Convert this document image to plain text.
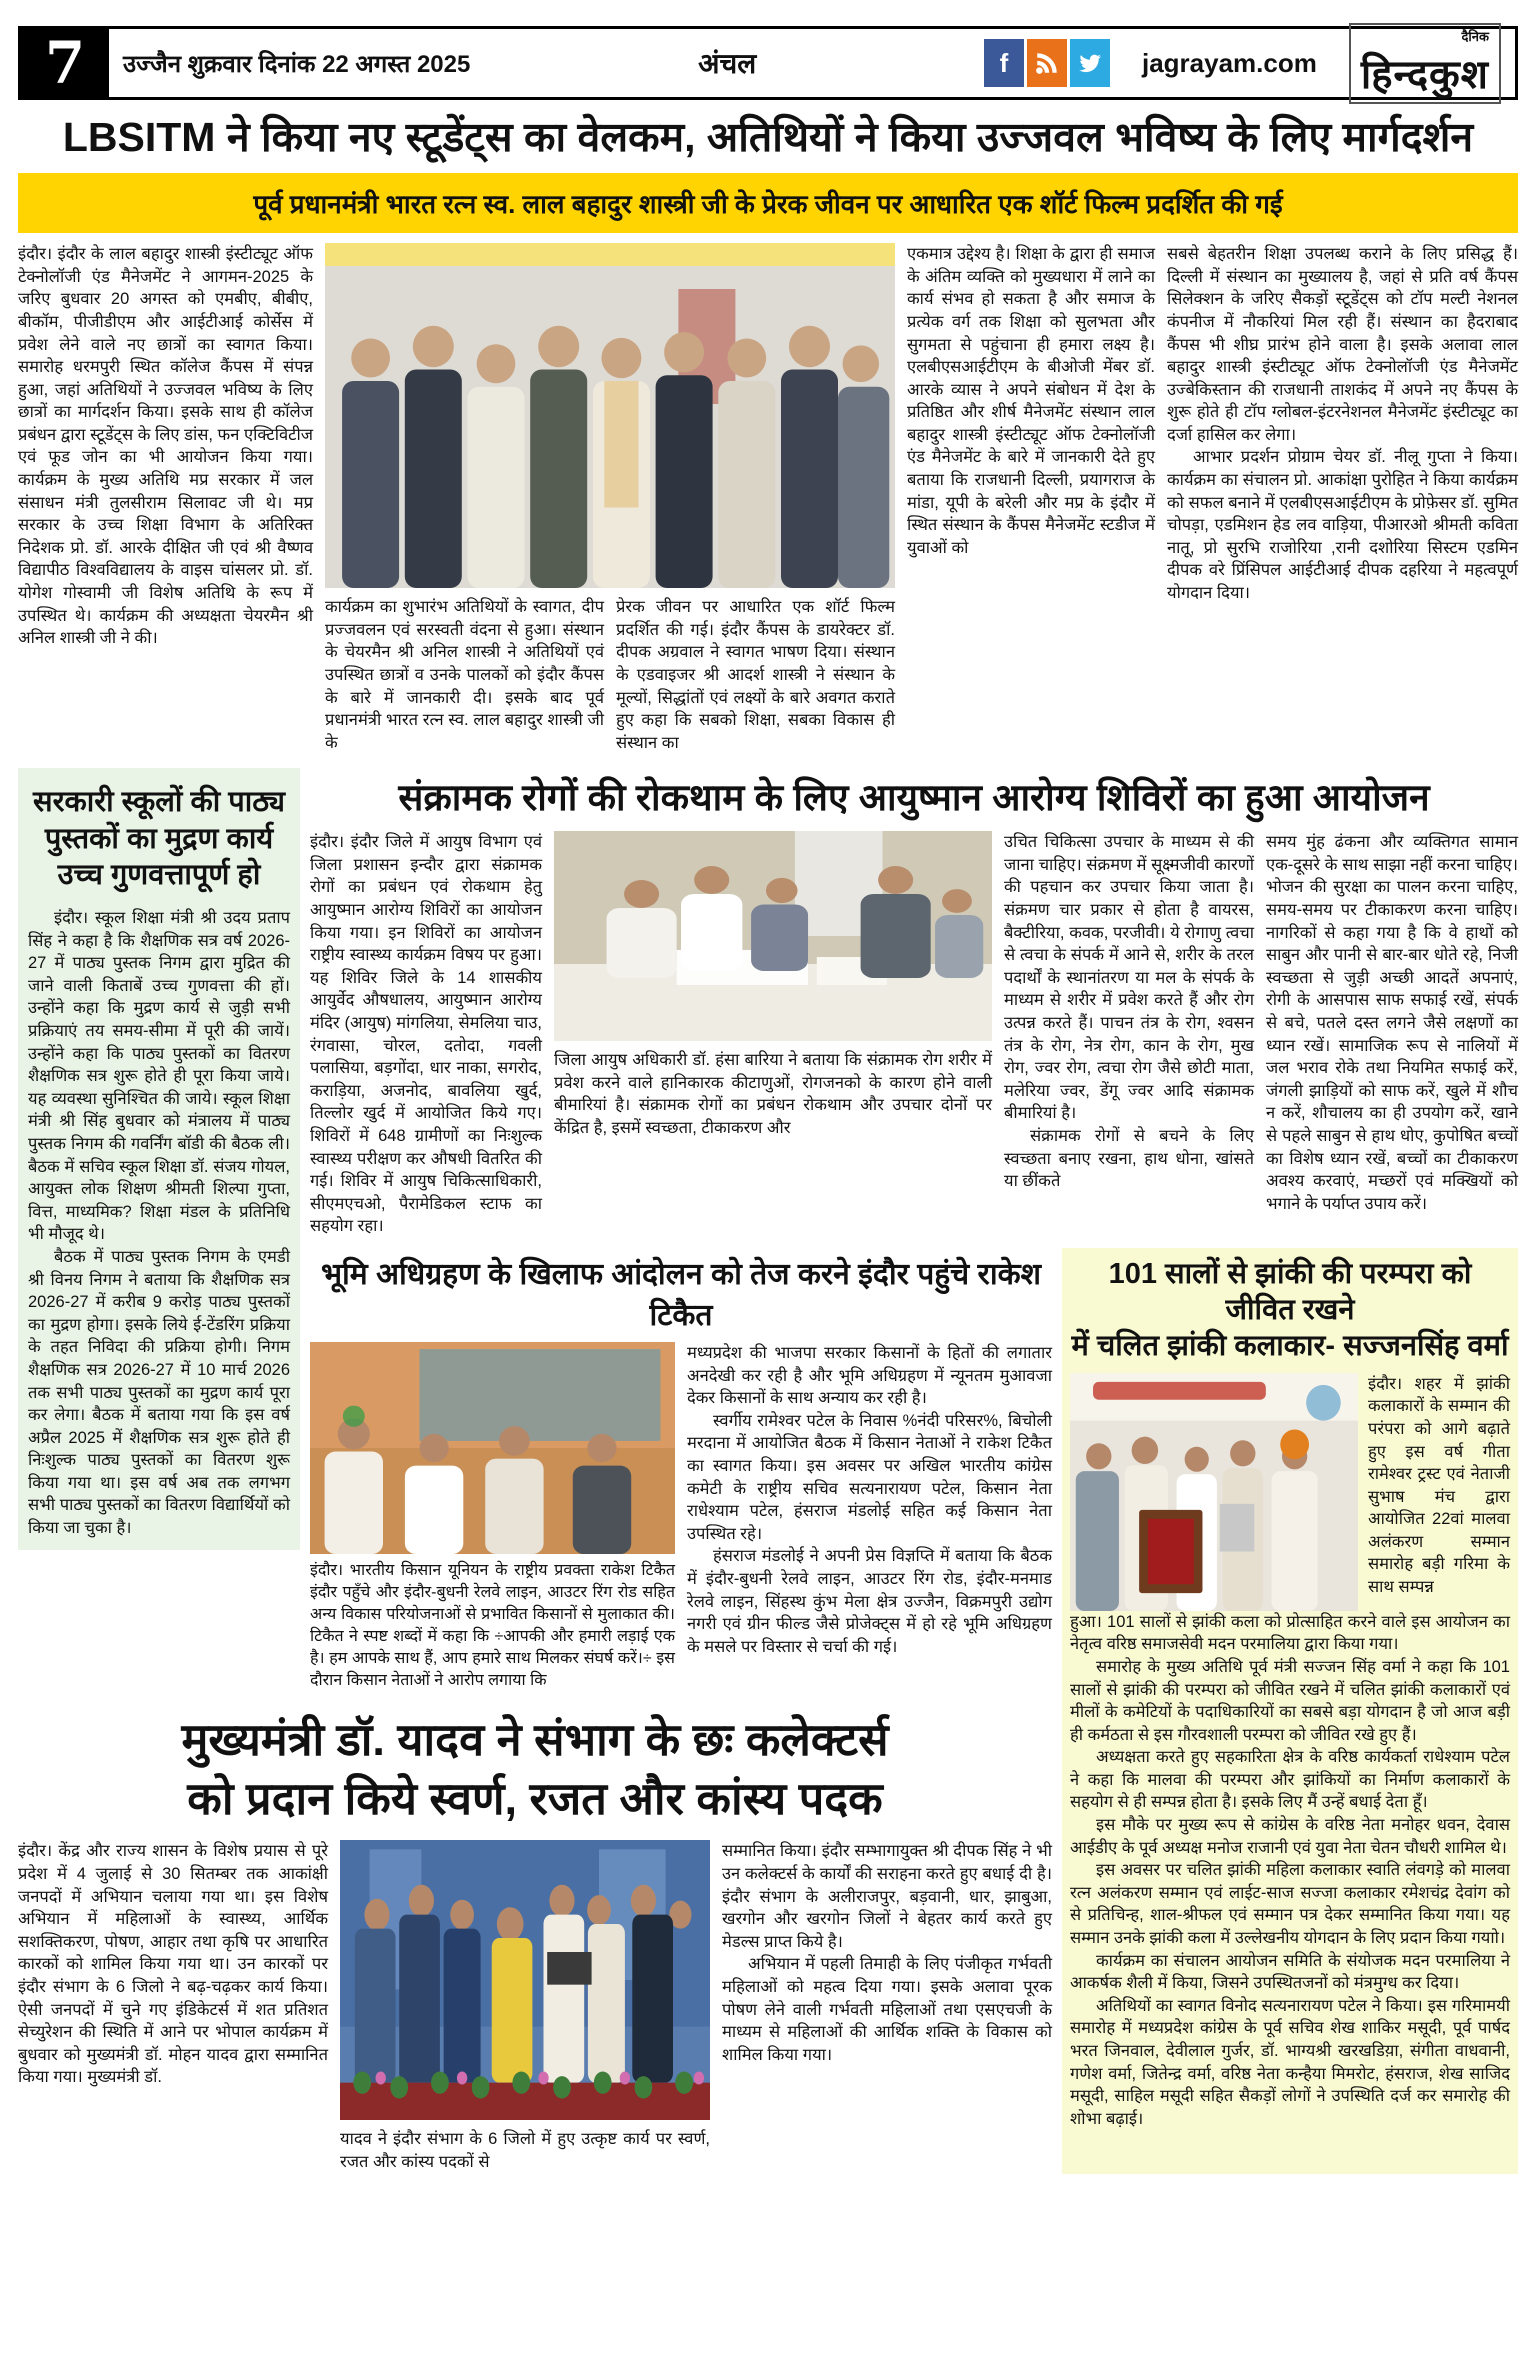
7	उज्जैन शुक्रवार दिनांक 22 अगस्त 2025	अंचल	f	jagrayam.com
दैनिक
हिन्दकुश
LBSITM ने किया नए स्टूडेंट्स का वेलकम, अतिथियों ने किया उज्जवल भविष्य के लिए मार्गदर्शन
पूर्व प्रधानमंत्री भारत रत्न स्व. लाल बहादुर शास्त्री जी के प्रेरक जीवन पर आधारित एक शॉर्ट फिल्म प्रदर्शित की गई
इंदौर। इंदौर के लाल बहादुर शास्त्री इंस्टीट्यूट ऑफ टेक्नोलॉजी एंड मैनेजमेंट ने आगमन-2025 के जरिए बुधवार 20 अगस्त को एमबीए, बीबीए, बीकॉम, पीजीडीएम और आईटीआई कोर्सेस में प्रवेश लेने वाले नए छात्रों का स्वागत किया। समारोह धरमपुरी स्थित कॉलेज कैंपस में संपन्न हुआ, जहां अतिथियों ने उज्जवल भविष्य के लिए छात्रों का मार्गदर्शन किया। इसके साथ ही कॉलेज प्रबंधन द्वारा स्टूडेंट्स के लिए डांस, फन एक्टिविटीज एवं फूड जोन का भी आयोजन किया गया। कार्यक्रम के मुख्य अतिथि मप्र सरकार में जल संसाधन मंत्री तुलसीराम सिलावट जी थे। मप्र सरकार के उच्च शिक्षा विभाग के अतिरिक्त निदेशक प्रो. डॉ. आरके दीक्षित जी एवं श्री वैष्णव विद्यापीठ विश्वविद्यालय के वाइस चांसलर प्रो. डॉ. योगेश गोस्वामी जी विशेष अतिथि के रूप में उपस्थित थे। कार्यक्रम की अध्यक्षता चेयरमैन श्री अनिल शास्त्री जी ने की।
कार्यक्रम का शुभारंभ अतिथियों के स्वागत, दीप प्रज्जवलन एवं सरस्वती वंदना से हुआ। संस्थान के चेयरमैन श्री अनिल शास्त्री ने अतिथियों एवं उपस्थित छात्रों व उनके पालकों को इंदौर कैंपस के बारे में जानकारी दी। इसके बाद पूर्व प्रधानमंत्री भारत रत्न स्व. लाल बहादुर शास्त्री जी के
प्रेरक जीवन पर आधारित एक शॉर्ट फिल्म प्रदर्शित की गई। इंदौर कैंपस के डायरेक्टर डॉ. दीपक अग्रवाल ने स्वागत भाषण दिया। संस्थान के एडवाइजर श्री आदर्श शास्त्री ने संस्थान के मूल्यों, सिद्धांतों एवं लक्ष्यों के बारे अवगत कराते हुए कहा कि सबको शिक्षा, सबका विकास ही संस्थान का
एकमात्र उद्देश्य है। शिक्षा के द्वारा ही समाज के अंतिम व्यक्ति को मुख्यधारा में लाने का कार्य संभव हो सकता है और समाज के प्रत्येक वर्ग तक शिक्षा को सुलभता और सुगमता से पहुंचाना ही हमारा लक्ष्य है। एलबीएसआईटीएम के बीओजी मेंबर डॉ. आरके व्यास ने अपने संबोधन में देश के प्रतिष्ठित और शीर्ष मैनेजमेंट संस्थान लाल बहादुर शास्त्री इंस्टीट्यूट ऑफ टेक्नोलॉजी एंड मैनेजमेंट के बारे में जानकारी देते हुए बताया कि राजधानी दिल्ली, प्रयागराज के मांडा, यूपी के बरेली और मप्र के इंदौर में स्थित संस्थान के कैंपस मैनेजमेंट स्टडीज में युवाओं को

सबसे बेहतरीन शिक्षा उपलब्ध कराने के लिए प्रसिद्ध हैं। दिल्ली में संस्थान का मुख्यालय है, जहां से प्रति वर्ष कैंपस सिलेक्शन के जरिए सैकड़ों स्टूडेंट्स को टॉप मल्टी नेशनल कंपनीज में नौकरियां मिल रही हैं। संस्थान का हैदराबाद कैंपस भी शीघ्र प्रारंभ होने वाला है। इसके अलावा लाल बहादुर शास्त्री इंस्टीट्यूट ऑफ टेक्नोलॉजी एंड मैनेजमेंट उज्बेकिस्तान की राजधानी ताशकंद में अपने नए कैंपस के शुरू होते ही टॉप ग्लोबल-इंटरनेशनल मैनेजमेंट इंस्टीट्यूट का दर्जा हासिल कर लेगा।

आभार प्रदर्शन प्रोग्राम चेयर डॉ. नीलू गुप्ता ने किया। कार्यक्रम का संचालन प्रो. आकांक्षा पुरोहित ने किया कार्यक्रम को सफल बनाने में एलबीएसआईटीएम के प्रोफ़ेसर डॉ. सुमित चोपड़ा, एडमिशन हेड लव वाड़िया, पीआरओ श्रीमती कविता नातू, प्रो सुरभि राजोरिया ,रानी दशोरिया सिस्टम एडमिन दीपक वरे प्रिंसिपल आईटीआई दीपक दहरिया ने महत्वपूर्ण योगदान दिया।

सरकारी स्कूलों की पाठ्य पुस्तकों का मुद्रण कार्य उच्च गुणवत्तापूर्ण हो

इंदौर। स्कूल शिक्षा मंत्री श्री उदय प्रताप सिंह ने कहा है कि शैक्षणिक सत्र वर्ष 2026-27 में पाठ्य पुस्तक निगम द्वारा मुद्रित की जाने वाली किताबें उच्च गुणवत्ता की हों। उन्होंने कहा कि मुद्रण कार्य से जुड़ी सभी प्रक्रियाएं तय समय-सीमा में पूरी की जायें। उन्होंने कहा कि पाठ्य पुस्तकों का वितरण शैक्षणिक सत्र शुरू होते ही पूरा किया जाये। यह व्यवस्था सुनिश्चित की जाये। स्कूल शिक्षा मंत्री श्री सिंह बुधवार को मंत्रालय में पाठ्य पुस्तक निगम की गवर्निंग बॉडी की बैठक ली। बैठक में सचिव स्कूल शिक्षा डॉ. संजय गोयल, आयुक्त लोक शिक्षण श्रीमती शिल्पा गुप्ता, वित्त, माध्यमिक? शिक्षा मंडल के प्रतिनिधि भी मौजूद थे।

बैठक में पाठ्य पुस्तक निगम के एमडी श्री विनय निगम ने बताया कि शैक्षणिक सत्र 2026-27 में करीब 9 करोड़ पाठ्य पुस्तकों का मुद्रण होगा। इसके लिये ई-टेंडरिंग प्रक्रिया के तहत निविदा की प्रक्रिया होगी। निगम शैक्षणिक सत्र 2026-27 में 10 मार्च 2026 तक सभी पाठ्य पुस्तकों का मुद्रण कार्य पूरा कर लेगा। बैठक में बताया गया कि इस वर्ष अप्रैल 2025 में शैक्षणिक सत्र शुरू होते ही निःशुल्क पाठ्य पुस्तकों का वितरण शुरू किया गया था। इस वर्ष अब तक लगभग सभी पाठ्य पुस्तकों का वितरण विद्यार्थियों को किया जा चुका है।

संक्रामक रोगों की रोकथाम के लिए आयुष्मान आरोग्य शिविरों का हुआ आयोजन
इंदौर। इंदौर जिले में आयुष विभाग एवं जिला प्रशासन इन्दौर द्वारा संक्रामक रोगों का प्रबंधन एवं रोकथाम हेतु आयुष्मान आरोग्य शिविरों का आयोजन किया गया। इन शिविरों का आयोजन राष्ट्रीय स्वास्थ्य कार्यक्रम विषय पर हुआ। यह शिविर जिले के 14 शासकीय आयुर्वेद औषधालय, आयुष्मान आरोग्य मंदिर (आयुष) मांगलिया, सेमलिया चाउ, रंगवासा, चोरल, दतोदा, गवली पलासिया, बड़गोंदा, धार नाका, सगरोद, कराड़िया, अजनोद, बावलिया खुर्द, तिल्लोर खुर्द में आयोजित किये गए। शिविरों में 648 ग्रामीणों का निःशुल्क स्वास्थ्य परीक्षण कर औषधी वितरित की गई। शिविर में आयुष चिकित्साधिकारी, सीएमएचओ, पैरामेडिकल स्टाफ का सहयोग रहा।
जिला आयुष अधिकारी डॉ. हंसा बारिया ने बताया कि संक्रामक रोग शरीर में प्रवेश करने वाले हानिकारक कीटाणुओं, रोगजनको के कारण होने वाली बीमारियां है। संक्रामक रोगों का प्रबंधन रोकथाम और उपचार दोनों पर केंद्रित है, इसमें स्वच्छता, टीकाकरण और

उचित चिकित्सा उपचार के माध्यम से की जाना चाहिए। संक्रमण में सूक्ष्मजीवी कारणों की पहचान कर उपचार किया जाता है। संक्रमण चार प्रकार से होता है वायरस, बैक्टीरिया, कवक, परजीवी। ये रोगाणु त्वचा से त्वचा के संपर्क में आने से, शरीर के तरल पदार्थों के स्थानांतरण या मल के संपर्क के माध्यम से शरीर में प्रवेश करते हैं और रोग उत्पन्न करते हैं। पाचन तंत्र के रोग, श्वसन तंत्र के रोग, नेत्र रोग, कान के रोग, मुख रोग, ज्वर रोग, त्वचा रोग जैसे छोटी माता, मलेरिया ज्वर, डेंगू ज्वर आदि संक्रामक बीमारियां है।

संक्रामक रोगों से बचने के लिए स्वच्छता बनाए रखना, हाथ धोना, खांसते या छींकते

समय मुंह ढंकना और व्यक्तिगत सामान एक-दूसरे के साथ साझा नहीं करना चाहिए। भोजन की सुरक्षा का पालन करना चाहिए, समय-समय पर टीकाकरण करना चाहिए। नागरिकों से कहा गया है कि वे हाथों को साबुन और पानी से बार-बार धोते रहे, निजी स्वच्छता से जुड़ी अच्छी आदतें अपनाएं, रोगी के आसपास साफ सफाई रखें, संपर्क से बचे, पतले दस्त लगने जैसे लक्षणों का ध्यान रखें। सामाजिक रूप से नालियों में जल भराव रोके तथा नियमित सफाई करें, जंगली झाड़ियों को साफ करें, खुले में शौच न करें, शौचालय का ही उपयोग करें, खाने से पहले साबुन से हाथ धोए, कुपोषित बच्चों का विशेष ध्यान रखें, बच्चों का टीकाकरण अवश्य करवाएं, मच्छरों एवं मक्खियों को भगाने के पर्याप्त उपाय करें।
भूमि अधिग्रहण के खिलाफ आंदोलन को तेज करने इंदौर पहुंचे राकेश टिकैत
इंदौर। भारतीय किसान यूनियन के राष्ट्रीय प्रवक्ता राकेश टिकैत इंदौर पहुँचे और इंदौर-बुधनी रेलवे लाइन, आउटर रिंग रोड सहित अन्य विकास परियोजनाओं से प्रभावित किसानों से मुलाकात की। टिकैत ने स्पष्ट शब्दों में कहा कि ÷आपकी और हमारी लड़ाई एक है। हम आपके साथ हैं, आप हमारे साथ मिलकर संघर्ष करें।÷ इस दौरान किसान नेताओं ने आरोप लगाया कि

मध्यप्रदेश की भाजपा सरकार किसानों के हितों की लगातार अनदेखी कर रही है और भूमि अधिग्रहण में न्यूनतम मुआवजा देकर किसानों के साथ अन्याय कर रही है।

स्वर्गीय रामेश्वर पटेल के निवास %नंदी परिसर%, बिचोली मरदाना में आयोजित बैठक में किसान नेताओं ने राकेश टिकैत का स्वागत किया। इस अवसर पर अखिल भारतीय कांग्रेस कमेटी के राष्ट्रीय सचिव सत्यनारायण पटेल, किसान नेता राधेश्याम पटेल, हंसराज मंडलोई सहित कई किसान नेता उपस्थित रहे।

हंसराज मंडलोई ने अपनी प्रेस विज्ञप्ति में बताया कि बैठक में इंदौर-बुधनी रेलवे लाइन, आउटर रिंग रोड, इंदौर-मनमाड रेलवे लाइन, सिंहस्थ कुंभ मेला क्षेत्र उज्जैन, विक्रमपुरी उद्योग नगरी एवं ग्रीन फील्ड जैसे प्रोजेक्ट्स में हो रहे भूमि अधिग्रहण के मसले पर विस्तार से चर्चा की गई।

101 सालों से झांकी की परम्परा को जीवित रखने
में चलित झांकी कलाकार- सज्जनसिंह वर्मा
इंदौर। शहर में झांकी कलाकारों के सम्मान की परंपरा को आगे बढ़ाते हुए इस वर्ष गीता रामेश्वर ट्रस्ट एवं नेताजी सुभाष मंच द्वारा आयोजित 22वां मालवा अलंकरण सम्मान समारोह बड़ी गरिमा के साथ सम्पन्न

हुआ। 101 सालों से झांकी कला को प्रोत्साहित करने वाले इस आयोजन का नेतृत्व वरिष्ठ समाजसेवी मदन परमालिया द्वारा किया गया।

समारोह के मुख्य अतिथि पूर्व मंत्री सज्जन सिंह वर्मा ने कहा कि 101 सालों से झांकी की परम्परा को जीवित रखने में चलित झांकी कलाकारों एवं मीलों के कमेटियों के पदाधिकारियों का सबसे बड़ा योगदान है जो आज बड़ी ही कर्मठता से इस गौरवशाली परम्परा को जीवित रखे हुए हैं।

अध्यक्षता करते हुए सहकारिता क्षेत्र के वरिष्ठ कार्यकर्ता राधेश्याम पटेल ने कहा कि मालवा की परम्परा और झांकियों का निर्माण कलाकारों के सहयोग से ही सम्पन्न होता है। इसके लिए मैं उन्हें बधाई देता हूँ।

इस मौके पर मुख्य रूप से कांग्रेस के वरिष्ठ नेता मनोहर धवन, देवास आईडीए के पूर्व अध्यक्ष मनोज राजानी एवं युवा नेता चेतन चौधरी शामिल थे।

इस अवसर पर चलित झांकी महिला कलाकार स्वाति लंवगड़े को मालवा रत्न अलंकरण सम्मान एवं लाईट-साज सज्जा कलाकार रमेशचंद्र देवांग को से प्रतिचिन्ह, शाल-श्रीफल एवं सम्मान पत्र देकर सम्मानित किया गया। यह सम्मान उनके झांकी कला में उल्लेखनीय योगदान के लिए प्रदान किया गयाो।

कार्यक्रम का संचालन आयोजन समिति के संयोजक मदन परमालिया ने आकर्षक शैली में किया, जिसने उपस्थितजनों को मंत्रमुग्ध कर दिया।

अतिथियों का स्वागत विनोद सत्यनारायण पटेल ने किया। इस गरिमामयी समारोह में मध्यप्रदेश कांग्रेस के पूर्व सचिव शेख शाकिर मसूदी, पूर्व पार्षद भरत जिनवाल, देवीलाल गुर्जर, डॉ. भाग्यश्री खरखडिय़ा, संगीता वाधवानी, गणेश वर्मा, जितेन्द्र वर्मा, वरिष्ठ नेता कन्हैया मिमरोट, हंसराज, शेख साजिद मसूदी, साहिल मसूदी सहित सैकड़ों लोगों ने उपस्थिति दर्ज कर समारोह की शोभा बढ़ाई।

मुख्यमंत्री डॉ. यादव ने संभाग के छः कलेक्टर्स
को प्रदान किये स्वर्ण, रजत और कांस्य पदक
इंदौर। केंद्र और राज्य शासन के विशेष प्रयास से पूरे प्रदेश में 4 जुलाई से 30 सितम्बर तक आकांक्षी जनपदों में अभियान चलाया गया था। इस विशेष अभियान में महिलाओं के स्वास्थ्य, आर्थिक सशक्तिकरण, पोषण, आहार तथा कृषि पर आधारित कारकों को शामिल किया गया था। उन कारकों पर इंदौर संभाग के 6 जिलो ने बढ़-चढ़कर कार्य किया। ऐसी जनपदों में चुने गए इंडिकेटर्स में शत प्रतिशत सेच्युरेशन की स्थिति में आने पर भोपाल कार्यक्रम में बुधवार को मुख्यमंत्री डॉ. मोहन यादव द्वारा सम्मानित किया गया। मुख्यमंत्री डॉ.
यादव ने इंदौर संभाग के 6 जिलो में हुए उत्कृष्ट कार्य पर स्वर्ण, रजत और कांस्य पदकों से

सम्मानित किया। इंदौर सम्भागायुक्त श्री दीपक सिंह ने भी उन कलेक्टर्स के कार्यों की सराहना करते हुए बधाई दी है। इंदौर संभाग के अलीराजपुर, बड़वानी, धार, झाबुआ, खरगोन और खरगोन जिलों ने बेहतर कार्य करते हुए मेडल्स प्राप्त किये है।

अभियान में पहली तिमाही के लिए पंजीकृत गर्भवती महिलाओं को महत्व दिया गया। इसके अलावा पूरक पोषण लेने वाली गर्भवती महिलाओं तथा एसएचजी के माध्यम से महिलाओं की आर्थिक शक्ति के विकास को शामिल किया गया।
